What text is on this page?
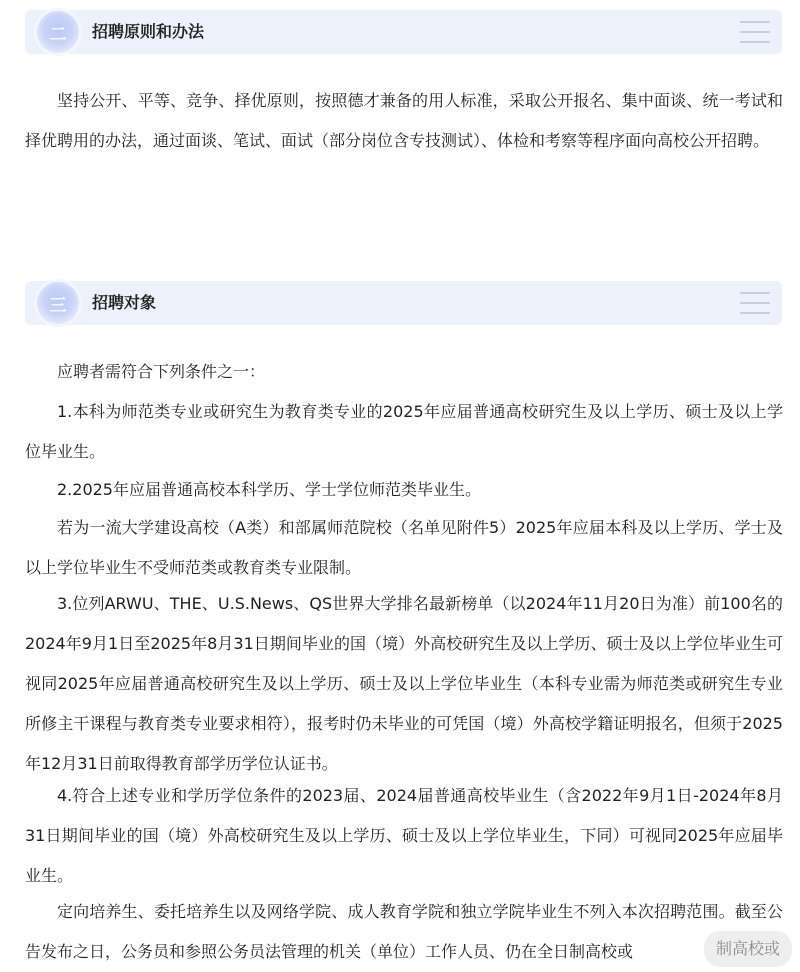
二	招聘原则和办法

坚持公开、平等、竞争、择优原则，按照德才兼备的用人标准，采取公开报名、集中面谈、统一考试和择优聘用的办法，通过面谈、笔试、面试（部分岗位含专技测试）、体检和考察等程序面向高校公开招聘。

三	招聘对象

应聘者需符合下列条件之一：

1.本科为师范类专业或研究生为教育类专业的2025年应届普通高校研究生及以上学历、硕士及以上学位毕业生。

2.2025年应届普通高校本科学历、学士学位师范类毕业生。

若为一流大学建设高校（A类）和部属师范院校（名单见附件5）2025年应届本科及以上学历、学士及以上学位毕业生不受师范类或教育类专业限制。

3.位列ARWU、THE、U.S.News、QS世界大学排名最新榜单（以2024年11月20日为准）前100名的2024年9月1日至2025年8月31日期间毕业的国（境）外高校研究生及以上学历、硕士及以上学位毕业生可视同2025年应届普通高校研究生及以上学历、硕士及以上学位毕业生（本科专业需为师范类或研究生专业所修主干课程与教育类专业要求相符），报考时仍未毕业的可凭国（境）外高校学籍证明报名，但须于2025年12月31日前取得教育部学历学位认证书。

4.符合上述专业和学历学位条件的2023届、2024届普通高校毕业生（含2022年9月1日-2024年8月31日期间毕业的国（境）外高校研究生及以上学历、硕士及以上学位毕业生，下同）可视同2025年应届毕业生。

定向培养生、委托培养生以及网络学院、成人教育学院和独立学院毕业生不列入本次招聘范围。截至公告发布之日，公务员和参照公务员法管理的机关（单位）工作人员、仍在全日制高校或	制高校或
